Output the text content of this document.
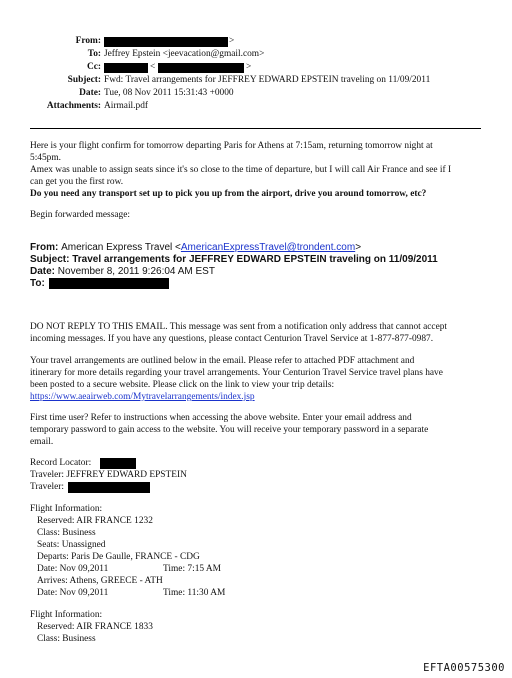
From:	>
To: Jeffrey Epstein <jeevacation@gmail.com>
Cc:	<	>
Subject: Fwd: Travel arrangements for JEFFREY EDWARD EPSTEIN traveling on 11/09/2011
Date: Tue, 08 Nov 2011 15:31:43 +0000
Attachments: Airmail.pdf
Here is your flight confirm for tomorrow departing Paris for Athens at 7:15am, returning tomorrow night at
5:45pm.
Amex was unable to assign seats since it's so close to the time of departure, but I will call Air France and see if I
can get you the first row.
Do you need any transport set up to pick you up from the airport, drive you around tomorrow, etc?
Begin forwarded message:
From: American Express Travel <AmericanExpressTravel@trondent.com>
Subject: Travel arrangements for JEFFREY EDWARD EPSTEIN traveling on 11/09/2011
Date: November 8, 2011 9:26:04 AM EST
To:
DO NOT REPLY TO THIS EMAIL. This message was sent from a notification only address that cannot accept
incoming messages. If you have any questions, please contact Centurion Travel Service at 1-877-877-0987.
Your travel arrangements are outlined below in the email. Please refer to attached PDF attachment and
itinerary for more details regarding your travel arrangements. Your Centurion Travel Service travel plans have
been posted to a secure website. Please click on the link to view your trip details:
https://www.aeairweb.com/Mytravelarrangements/index.jsp
First time user? Refer to instructions when accessing the above website. Enter your email address and
temporary password to gain access to the website. You will receive your temporary password in a separate
email.
Record Locator:
Traveler: JEFFREY EDWARD EPSTEIN
Traveler:
Flight Information:
Reserved: AIR FRANCE 1232
Class: Business
Seats: Unassigned
Departs: Paris De Gaulle, FRANCE - CDG
Date: Nov 09,2011	Time: 7:15 AM
Arrives: Athens, GREECE - ATH
Date: Nov 09,2011	Time: 11:30 AM
Flight Information:
Reserved: AIR FRANCE 1833
Class: Business
EFTA00575300
